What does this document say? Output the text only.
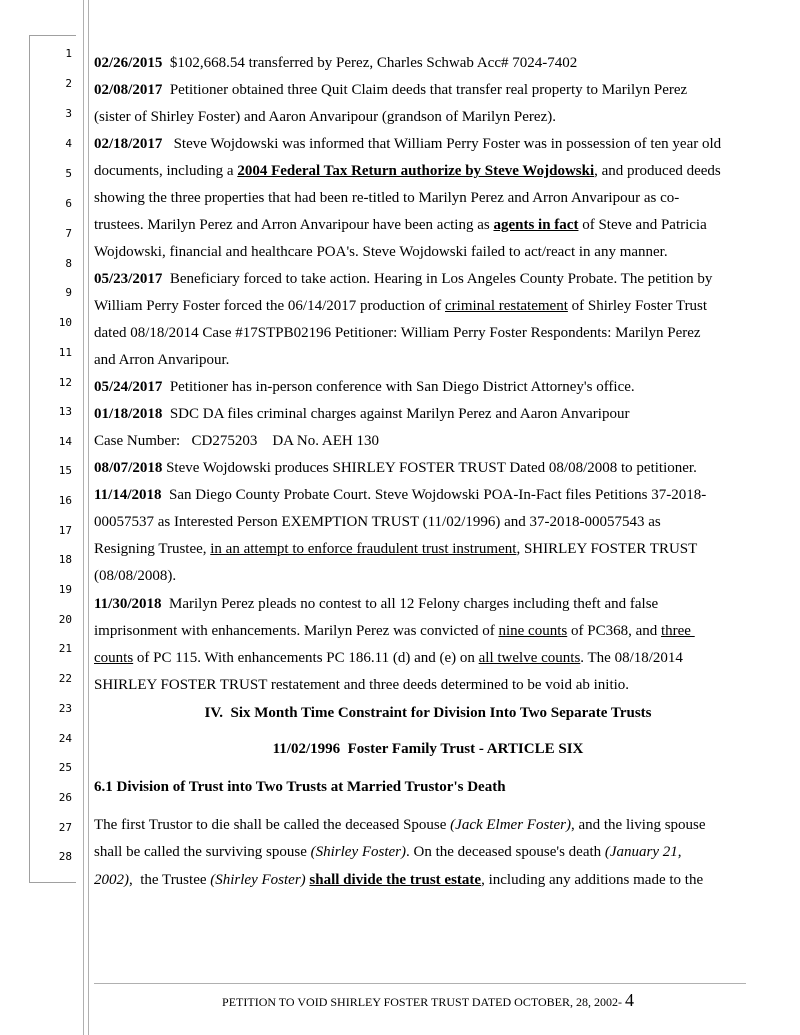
1
2
3
4
5
6
7
8
9
10
11
12
13
14
15
16
17
18
19
20
21
22
23
24
25
26
27
28
02/26/2015 $102,668.54 transferred by Perez, Charles Schwab Acc# 7024-7402
02/08/2017 Petitioner obtained three Quit Claim deeds that transfer real property to Marilyn Perez
(sister of Shirley Foster) and Aaron Anvaripour (grandson of Marilyn Perez).
02/18/2017 Steve Wojdowski was informed that William Perry Foster was in possession of ten year old
documents, including a 2004 Federal Tax Return authorize by Steve Wojdowski, and produced deeds
showing the three properties that had been re-titled to Marilyn Perez and Arron Anvaripour as co-
trustees. Marilyn Perez and Arron Anvaripour have been acting as agents in fact of Steve and Patricia
Wojdowski, financial and healthcare POA's. Steve Wojdowski failed to act/react in any manner.
05/23/2017 Beneficiary forced to take action. Hearing in Los Angeles County Probate. The petition by
William Perry Foster forced the 06/14/2017 production of criminal restatement of Shirley Foster Trust
dated 08/18/2014 Case #17STPB02196 Petitioner: William Perry Foster Respondents: Marilyn Perez
and Arron Anvaripour.
05/24/2017 Petitioner has in-person conference with San Diego District Attorney's office.
01/18/2018 SDC DA files criminal charges against Marilyn Perez and Aaron Anvaripour
Case Number:   CD275203    DA No. AEH 130
08/07/2018 Steve Wojdowski produces SHIRLEY FOSTER TRUST Dated 08/08/2008 to petitioner.
11/14/2018 San Diego County Probate Court. Steve Wojdowski POA-In-Fact files Petitions 37-2018-
00057537 as Interested Person EXEMPTION TRUST (11/02/1996) and 37-2018-00057543 as
Resigning Trustee, in an attempt to enforce fraudulent trust instrument, SHIRLEY FOSTER TRUST
(08/08/2008).
11/30/2018 Marilyn Perez pleads no contest to all 12 Felony charges including theft and false
imprisonment with enhancements. Marilyn Perez was convicted of nine counts of PC368, and three
counts of PC 115. With enhancements PC 186.11 (d) and (e) on all twelve counts. The 08/18/2014
SHIRLEY FOSTER TRUST restatement and three deeds determined to be void ab initio.
IV.  Six Month Time Constraint for Division Into Two Separate Trusts
11/02/1996  Foster Family Trust - ARTICLE SIX
6.1 Division of Trust into Two Trusts at Married Trustor's Death
The first Trustor to die shall be called the deceased Spouse (Jack Elmer Foster), and the living spouse
shall be called the surviving spouse (Shirley Foster). On the deceased spouse's death (January 21,
2002),  the Trustee (Shirley Foster) shall divide the trust estate, including any additions made to the
PETITION TO VOID SHIRLEY FOSTER TRUST DATED OCTOBER, 28, 2002- 4
